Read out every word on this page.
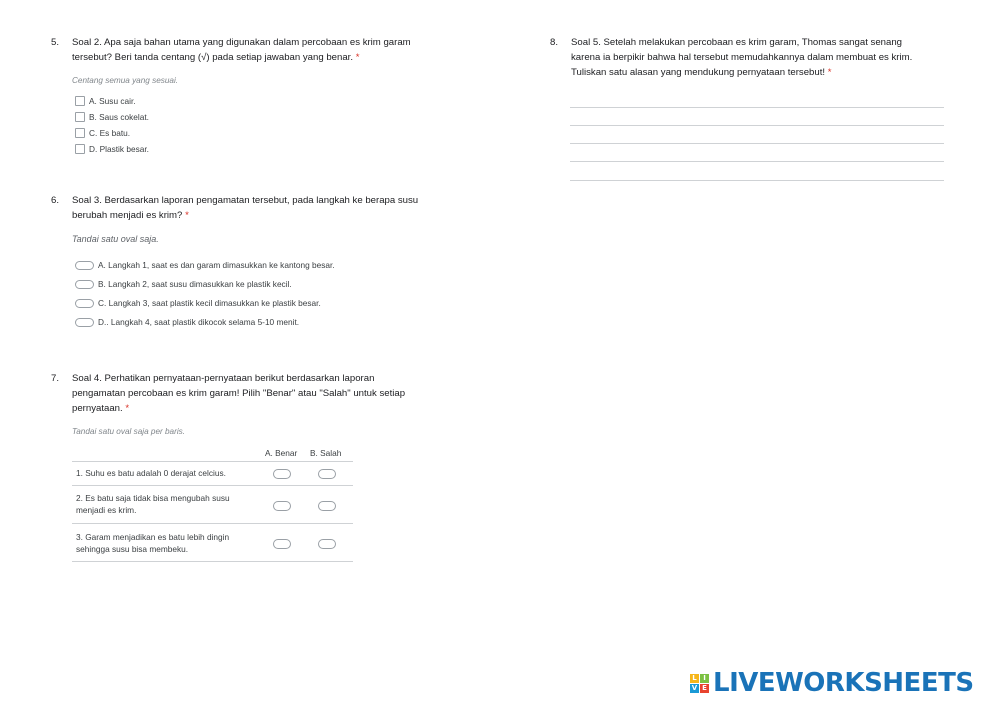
5. Soal 2. Apa saja bahan utama yang digunakan dalam percobaan es krim garam
tersebut? Beri tanda centang (√) pada setiap jawaban yang benar. *
Centang semua yang sesuai.
A. Susu cair.
B. Saus cokelat.
C. Es batu.
D. Plastik besar.
6. Soal 3. Berdasarkan laporan pengamatan tersebut, pada langkah ke berapa susu
berubah menjadi es krim? *
Tandai satu oval saja.
A. Langkah 1, saat es dan garam dimasukkan ke kantong besar.
B. Langkah 2, saat susu dimasukkan ke plastik kecil.
C. Langkah 3, saat plastik kecil dimasukkan ke plastik besar.
D.. Langkah 4, saat plastik dikocok selama 5-10 menit.
7. Soal 4. Perhatikan pernyataan-pernyataan berikut berdasarkan laporan
pengamatan percobaan es krim garam! Pilih "Benar" atau "Salah" untuk setiap
pernyataan. *
Tandai satu oval saja per baris.
A. Benar B. Salah
1. Suhu es batu adalah 0 derajat celcius.
2. Es batu saja tidak bisa mengubah susu
menjadi es krim.
3. Garam menjadikan es batu lebih dingin
sehingga susu bisa membeku.
8. Soal 5. Setelah melakukan percobaan es krim garam, Thomas sangat senang
karena ia berpikir bahwa hal tersebut memudahkannya dalam membuat es krim.
Tuliskan satu alasan yang mendukung pernyataan tersebut! *
L I
V E LIVEWORKSHEETS
